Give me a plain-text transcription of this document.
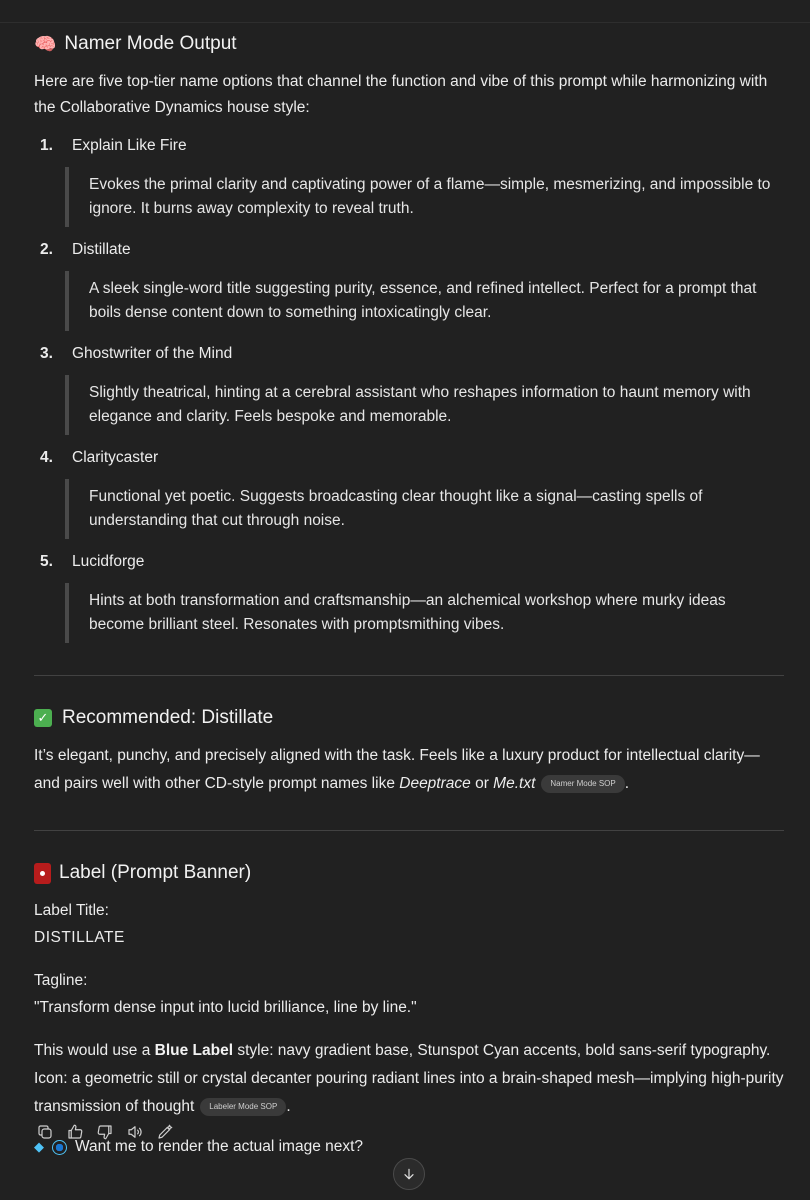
🧠 Namer Mode Output

Here are five top-tier name options that channel the function and vibe of this prompt while harmonizing with the Collaborative Dynamics house style:

1.	Explain Like Fire
Evokes the primal clarity and captivating power of a flame—simple, mesmerizing, and impossible to ignore. It burns away complexity to reveal truth.
2.	Distillate
A sleek single-word title suggesting purity, essence, and refined intellect. Perfect for a prompt that boils dense content down to something intoxicatingly clear.
3.	Ghostwriter of the Mind
Slightly theatrical, hinting at a cerebral assistant who reshapes information to haunt memory with elegance and clarity. Feels bespoke and memorable.
4.	Claritycaster
Functional yet poetic. Suggests broadcasting clear thought like a signal—casting spells of understanding that cut through noise.
5.	Lucidforge
Hints at both transformation and craftsmanship—an alchemical workshop where murky ideas become brilliant steel. Resonates with promptsmithing vibes.
✓ Recommended: Distillate

It’s elegant, punchy, and precisely aligned with the task. Feels like a luxury product for intellectual clarity—and pairs well with other CD-style prompt names like Deeptrace or Me.txt Namer Mode SOP .

Label (Prompt Banner)
Label Title:
DISTILLATE
Tagline:
"Transform dense input into lucid brilliance, line by line."

This would use a Blue Label style: navy gradient base, Stunspot Cyan accents, bold sans-serif typography. Icon: a geometric still or crystal decanter pouring radiant lines into a brain-shaped mesh—implying high-purity transmission of thought Labeler Mode SOP .

◆ Want me to render the actual image next?
